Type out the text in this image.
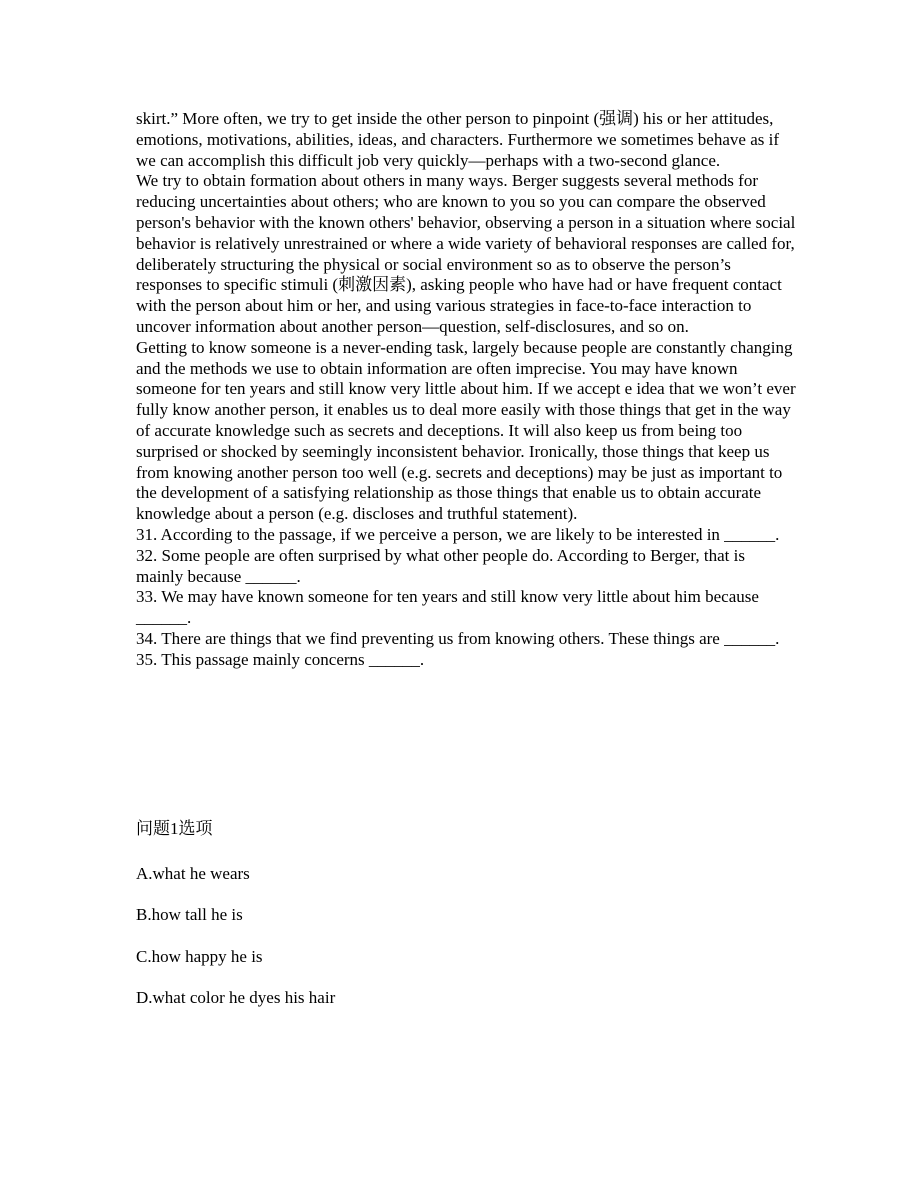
skirt.” More often, we try to get inside the other person to pinpoint (强调) his or her attitudes, emotions, motivations, abilities, ideas, and characters. Furthermore we sometimes behave as if we can accomplish this difficult job very quickly—perhaps with a two-second glance.

We try to obtain formation about others in many ways. Berger suggests several methods for reducing uncertainties about others; who are known to you so you can compare the observed person's behavior with the known others' behavior, observing a person in a situation where social behavior is relatively unrestrained or where a wide variety of behavioral responses are called for, deliberately structuring the physical or social environment so as to observe the person’s responses to specific stimuli (刺激因素), asking people who have had or have frequent contact with the person about him or her, and using various strategies in face-to-face interaction to uncover information about another person—question, self-disclosures, and so on.

Getting to know someone is a never-ending task, largely because people are constantly changing and the methods we use to obtain information are often imprecise. You may have known someone for ten years and still know very little about him. If we accept e idea that we won’t ever fully know another person, it enables us to deal more easily with those things that get in the way of accurate knowledge such as secrets and deceptions. It will also keep us from being too surprised or shocked by seemingly inconsistent behavior. Ironically, those things that keep us from knowing another person too well (e.g. secrets and deceptions) may be just as important to the development of a satisfying relationship as those things that enable us to obtain accurate knowledge about a person (e.g. discloses and truthful statement).

31. According to the passage, if we perceive a person, we are likely to be interested in ______.

32. Some people are often surprised by what other people do. According to Berger, that is mainly because ______.

33. We may have known someone for ten years and still know very little about him because ______.

34. There are things that we find preventing us from knowing others. These things are ______.

35. This passage mainly concerns ______.

问题1选项

A.what he wears

B.how tall he is

C.how happy he is

D.what color he dyes his hair
